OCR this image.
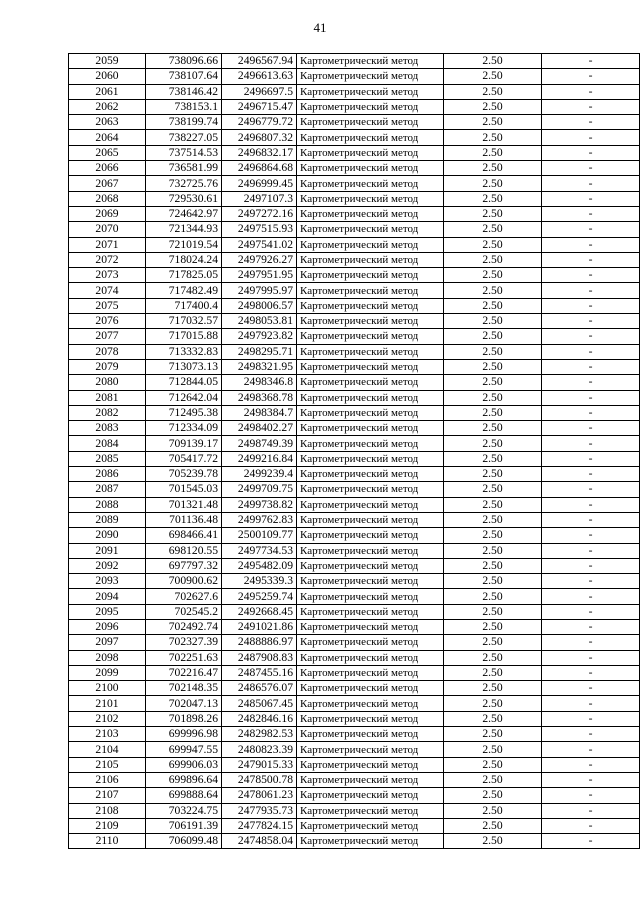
41
2059	738096.66	2496567.94	Картометрический метод	2.50	-
2060	738107.64	2496613.63	Картометрический метод	2.50	-
2061	738146.42	2496697.5	Картометрический метод	2.50	-
2062	738153.1	2496715.47	Картометрический метод	2.50	-
2063	738199.74	2496779.72	Картометрический метод	2.50	-
2064	738227.05	2496807.32	Картометрический метод	2.50	-
2065	737514.53	2496832.17	Картометрический метод	2.50	-
2066	736581.99	2496864.68	Картометрический метод	2.50	-
2067	732725.76	2496999.45	Картометрический метод	2.50	-
2068	729530.61	2497107.3	Картометрический метод	2.50	-
2069	724642.97	2497272.16	Картометрический метод	2.50	-
2070	721344.93	2497515.93	Картометрический метод	2.50	-
2071	721019.54	2497541.02	Картометрический метод	2.50	-
2072	718024.24	2497926.27	Картометрический метод	2.50	-
2073	717825.05	2497951.95	Картометрический метод	2.50	-
2074	717482.49	2497995.97	Картометрический метод	2.50	-
2075	717400.4	2498006.57	Картометрический метод	2.50	-
2076	717032.57	2498053.81	Картометрический метод	2.50	-
2077	717015.88	2497923.82	Картометрический метод	2.50	-
2078	713332.83	2498295.71	Картометрический метод	2.50	-
2079	713073.13	2498321.95	Картометрический метод	2.50	-
2080	712844.05	2498346.8	Картометрический метод	2.50	-
2081	712642.04	2498368.78	Картометрический метод	2.50	-
2082	712495.38	2498384.7	Картометрический метод	2.50	-
2083	712334.09	2498402.27	Картометрический метод	2.50	-
2084	709139.17	2498749.39	Картометрический метод	2.50	-
2085	705417.72	2499216.84	Картометрический метод	2.50	-
2086	705239.78	2499239.4	Картометрический метод	2.50	-
2087	701545.03	2499709.75	Картометрический метод	2.50	-
2088	701321.48	2499738.82	Картометрический метод	2.50	-
2089	701136.48	2499762.83	Картометрический метод	2.50	-
2090	698466.41	2500109.77	Картометрический метод	2.50	-
2091	698120.55	2497734.53	Картометрический метод	2.50	-
2092	697797.32	2495482.09	Картометрический метод	2.50	-
2093	700900.62	2495339.3	Картометрический метод	2.50	-
2094	702627.6	2495259.74	Картометрический метод	2.50	-
2095	702545.2	2492668.45	Картометрический метод	2.50	-
2096	702492.74	2491021.86	Картометрический метод	2.50	-
2097	702327.39	2488886.97	Картометрический метод	2.50	-
2098	702251.63	2487908.83	Картометрический метод	2.50	-
2099	702216.47	2487455.16	Картометрический метод	2.50	-
2100	702148.35	2486576.07	Картометрический метод	2.50	-
2101	702047.13	2485067.45	Картометрический метод	2.50	-
2102	701898.26	2482846.16	Картометрический метод	2.50	-
2103	699996.98	2482982.53	Картометрический метод	2.50	-
2104	699947.55	2480823.39	Картометрический метод	2.50	-
2105	699906.03	2479015.33	Картометрический метод	2.50	-
2106	699896.64	2478500.78	Картометрический метод	2.50	-
2107	699888.64	2478061.23	Картометрический метод	2.50	-
2108	703224.75	2477935.73	Картометрический метод	2.50	-
2109	706191.39	2477824.15	Картометрический метод	2.50	-
2110	706099.48	2474858.04	Картометрический метод	2.50	-
